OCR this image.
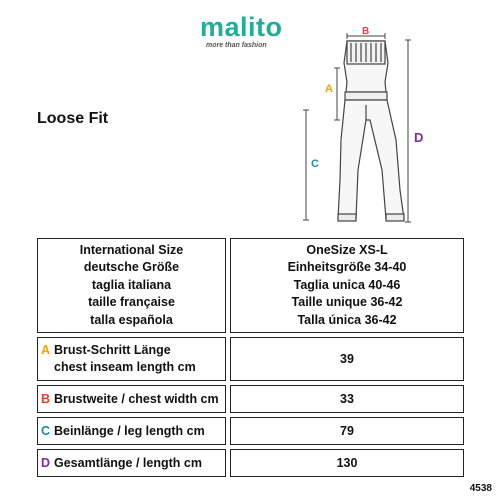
malito
more than fashion
Loose Fit
B
A
C
D
International Size
deutsche Größe
taglia italiana
taille française
talla española
OneSize XS-L
Einheitsgröße 34-40
Taglia unica 40-46
Taille unique 36-42
Talla única 36-42
A Brust-Schritt Länge
chest inseam length cm
39
B Brustweite / chest width cm	33
C Beinlänge / leg length cm	79
D Gesamtlänge / length cm	130
4538
